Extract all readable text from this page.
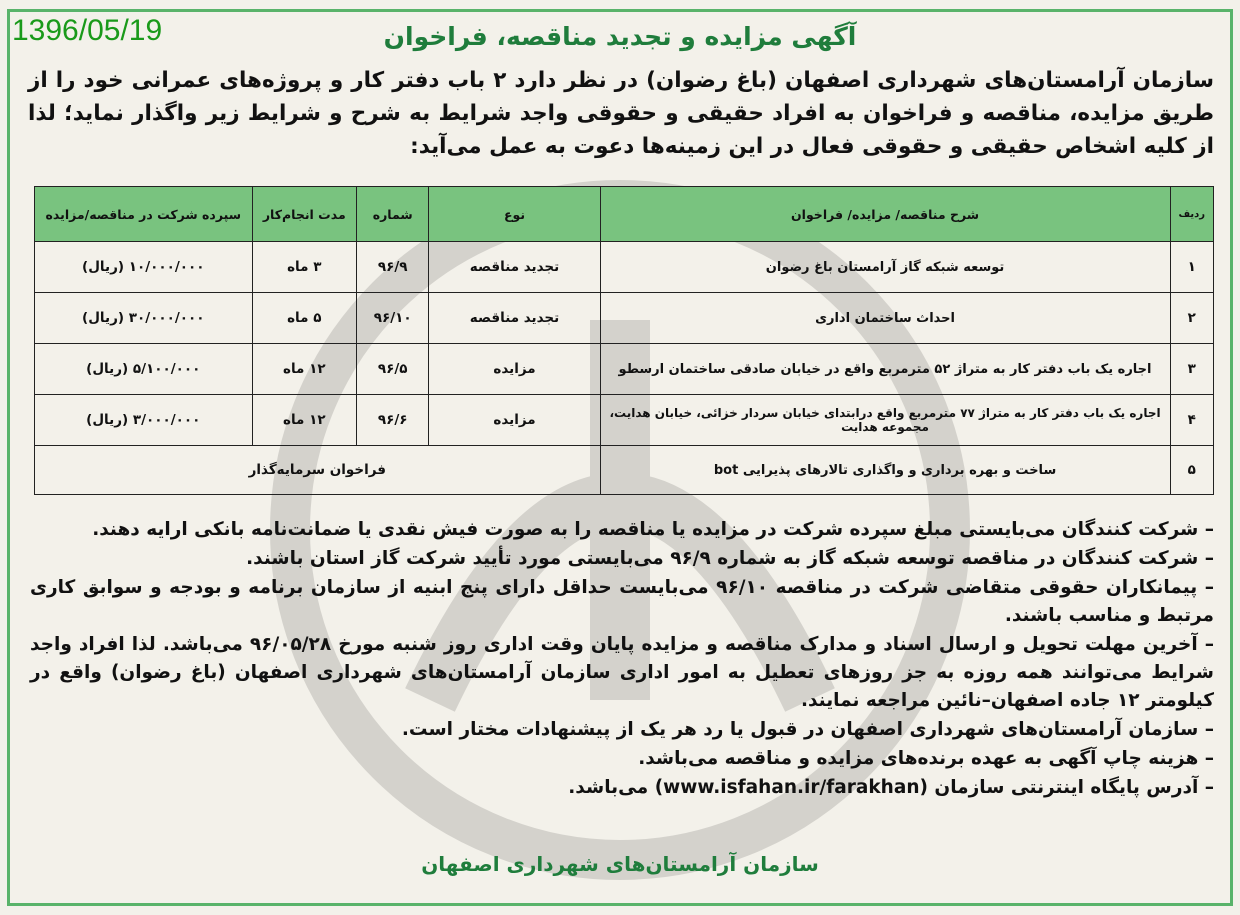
1396/05/19	آگهی مزایده و تجدید مناقصه، فراخوان
سازمان آرامستان‌های شهرداری اصفهان (باغ رضوان) در نظر دارد ۲ باب دفتر کار و پروژه‌های عمرانی خود را از طریق مزایده، مناقصه و فراخوان به افراد حقیقی و حقوقی واجد شرایط به شرح و شرایط زیر واگذار نماید؛ لذا از کلیه اشخاص حقیقی و حقوقی فعال در این زمینه‌ها دعوت به عمل می‌آید:
ردیف	شرح مناقصه/ مزایده/ فراخوان	نوع	شماره	مدت انجام‌کار	سپرده شرکت در مناقصه/مزایده
۱	توسعه شبکه گاز آرامستان باغ رضوان	تجدید مناقصه	۹۶/۹	۳ ماه	۱۰/۰۰۰/۰۰۰ (ریال)
۲	احداث ساختمان اداری	تجدید مناقصه	۹۶/۱۰	۵ ماه	۳۰/۰۰۰/۰۰۰ (ریال)
۳	اجاره یک باب دفتر کار به متراژ ۵۲ مترمربع واقع در خیابان صادقی ساختمان ارسطو	مزایده	۹۶/۵	۱۲ ماه	۵/۱۰۰/۰۰۰ (ریال)
۴	اجاره یک باب دفتر کار به متراژ ۷۷ مترمربع واقع درابتدای خیابان سردار خزائی، خیابان هدایت، مجموعه هدایت	مزایده	۹۶/۶	۱۲ ماه	۳/۰۰۰/۰۰۰ (ریال)
۵	ساخت و بهره برداری و واگذاری تالارهای پذیرایی bot	فراخوان سرمایه‌گذار			

– شرکت کنندگان می‌بایستی مبلغ سپرده شرکت در مزایده یا مناقصه را به صورت فیش نقدی یا ضمانت‌نامه بانکی ارایه دهند.

– شرکت کنندگان در مناقصه توسعه شبکه گاز به شماره ۹۶/۹ می‌بایستی مورد تأیید شرکت گاز استان باشند.

– پیمانکاران حقوقی متقاضی شرکت در مناقصه ۹۶/۱۰ می‌بایست حداقل دارای پنج ابنیه از سازمان برنامه و بودجه و سوابق کاری مرتبط و مناسب باشند.

– آخرین مهلت تحویل و ارسال اسناد و مدارک مناقصه و مزایده پایان وقت اداری روز شنبه مورخ ۹۶/۰۵/۲۸ می‌باشد. لذا افراد واجد شرایط می‌توانند همه روزه به جز روزهای تعطیل به امور اداری سازمان آرامستان‌های شهرداری اصفهان (باغ رضوان) واقع در کیلومتر ۱۲ جاده اصفهان–نائین مراجعه نمایند.

– سازمان آرامستان‌های شهرداری اصفهان در قبول یا رد هر یک از پیشنهادات مختار است.

– هزینه چاپ آگهی به عهده برنده‌های مزایده و مناقصه می‌باشد.

– آدرس پایگاه اینترنتی سازمان (www.isfahan.ir/farakhan) می‌باشد.

سازمان آرامستان‌های شهرداری اصفهان
